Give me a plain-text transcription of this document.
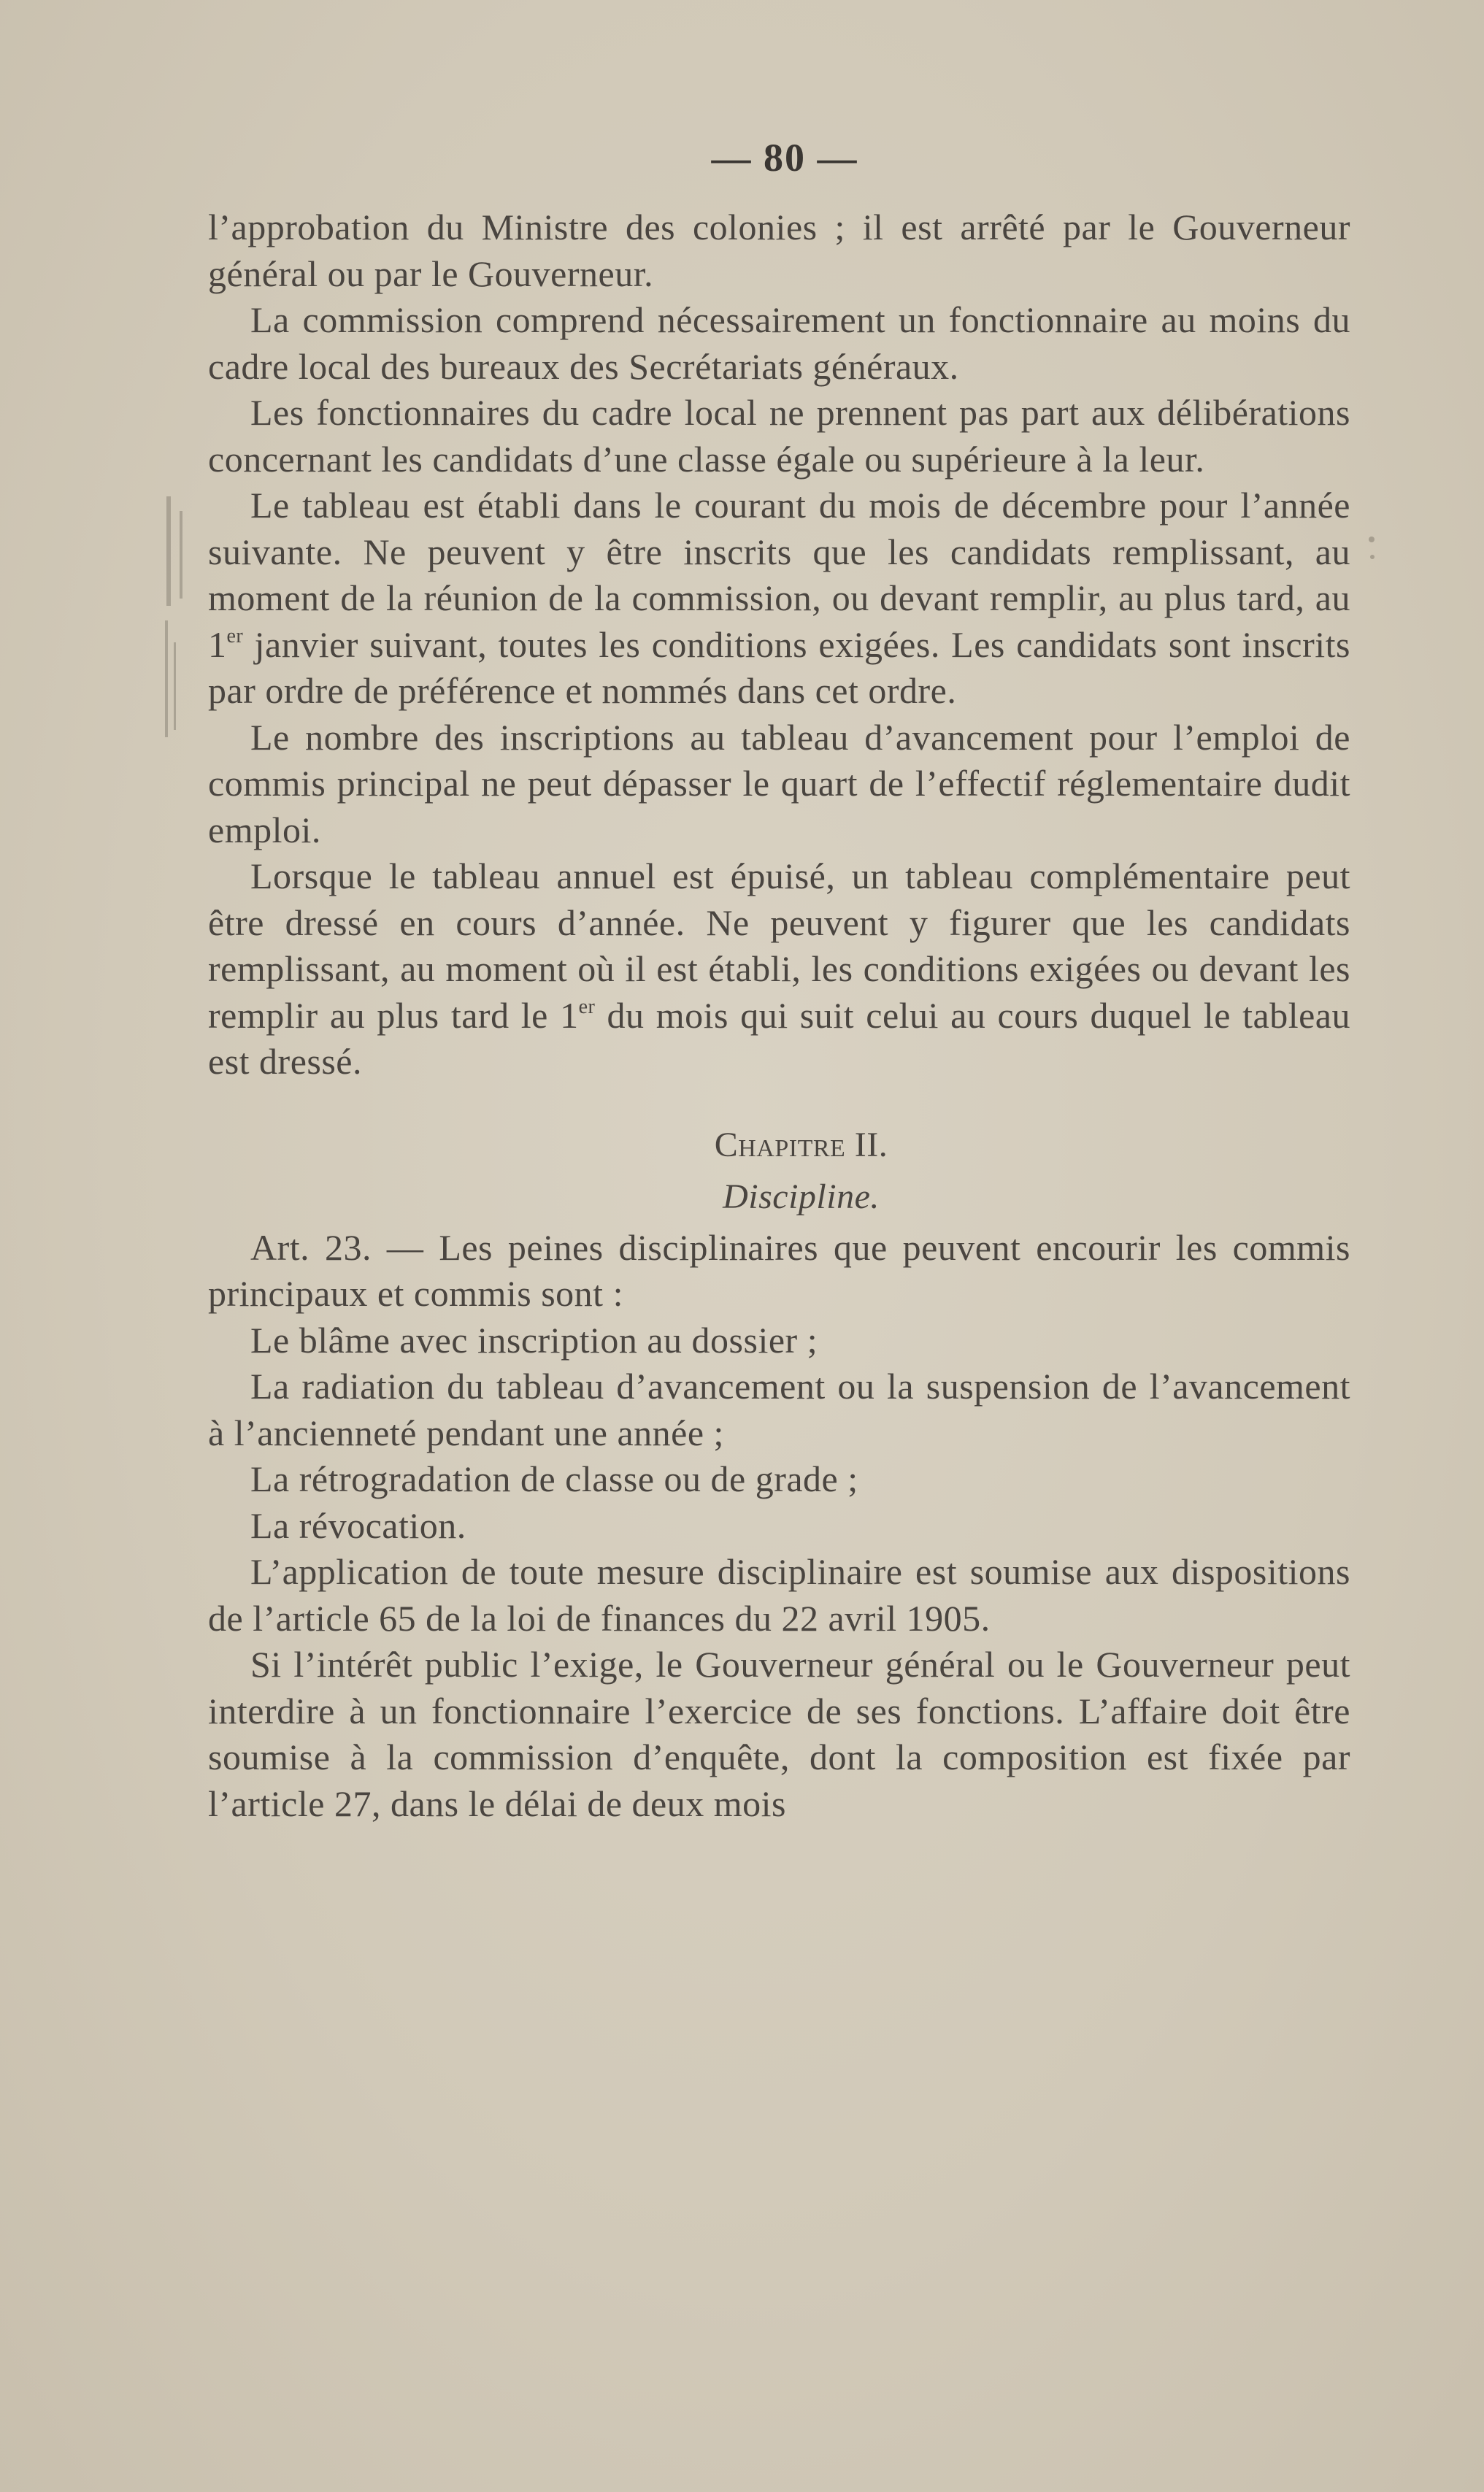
— 80 —

l’approbation du Ministre des colonies ; il est arrêté par le Gouverneur général ou par le Gouverneur.

La commission comprend nécessairement un fonctionnaire au moins du cadre local des bureaux des Secrétariats généraux.

Les fonctionnaires du cadre local ne prennent pas part aux délibérations concernant les candidats d’une classe égale ou supérieure à la leur.

Le tableau est établi dans le courant du mois de décembre pour l’année suivante. Ne peuvent y être inscrits que les candidats remplissant, au moment de la réunion de la commission, ou devant remplir, au plus tard, au 1er janvier suivant, toutes les conditions exigées. Les candidats sont inscrits par ordre de préférence et nommés dans cet ordre.

Le nombre des inscriptions au tableau d’avancement pour l’emploi de commis principal ne peut dépasser le quart de l’effectif réglementaire dudit emploi.

Lorsque le tableau annuel est épuisé, un tableau complémentaire peut être dressé en cours d’année. Ne peuvent y figurer que les candidats remplissant, au moment où il est établi, les conditions exigées ou devant les remplir au plus tard le 1er du mois qui suit celui au cours duquel le tableau est dressé.

Chapitre II.

Discipline.

Art. 23. — Les peines disciplinaires que peuvent encourir les commis principaux et commis sont :

Le blâme avec inscription au dossier ;

La radiation du tableau d’avancement ou la suspension de l’avancement à l’ancienneté pendant une année ;

La rétrogradation de classe ou de grade ;

La révocation.

L’application de toute mesure disciplinaire est soumise aux dispositions de l’article 65 de la loi de finances du 22 avril 1905.

Si l’intérêt public l’exige, le Gouverneur général ou le Gouverneur peut interdire à un fonctionnaire l’exercice de ses fonctions. L’affaire doit être soumise à la commission d’enquête, dont la composition est fixée par l’article 27, dans le délai de deux mois
